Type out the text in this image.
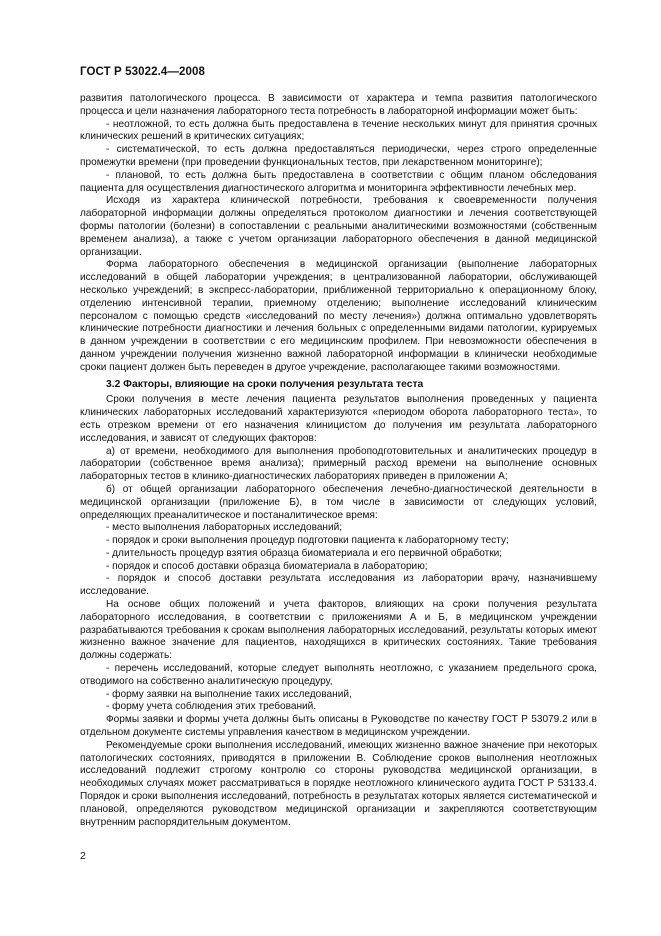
ГОСТ Р 53022.4—2008

развития патологического процесса. В зависимости от характера и темпа развития патологического процесса и цели назначения лабораторного теста потребность в лабораторной информации может быть:

- неотложной, то есть должна быть предоставлена в течение нескольких минут для принятия срочных клинических решений в критических ситуациях;

- систематической, то есть должна предоставляться периодически, через строго определенные промежутки времени (при проведении функциональных тестов, при лекарственном мониторинге);

- плановой, то есть должна быть предоставлена в соответствии с общим планом обследования пациента для осуществления диагностического алгоритма и мониторинга эффективности лечебных мер.

Исходя из характера клинической потребности, требования к своевременности получения лабораторной информации должны определяться протоколом диагностики и лечения соответствующей формы патологии (болезни) в сопоставлении с реальными аналитическими возможностями (собственным временем анализа), а также с учетом организации лабораторного обеспечения в данной медицинской организации.

Форма лабораторного обеспечения в медицинской организации (выполнение лабораторных исследований в общей лаборатории учреждения; в централизованной лаборатории, обслуживающей несколько учреждений; в экспресс-лаборатории, приближенной территориально к операционному блоку, отделению интенсивной терапии, приемному отделению; выполнение исследований клиническим персоналом с помощью средств «исследований по месту лечения») должна оптимально удовлетворять клинические потребности диагностики и лечения больных с определенными видами патологии, курируемых в данном учреждении в соответствии с его медицинским профилем. При невозможности обеспечения в данном учреждении получения жизненно важной лабораторной информации в клинически необходимые сроки пациент должен быть переведен в другое учреждение, располагающее такими возможностями.

3.2 Факторы, влияющие на сроки получения результата теста

Сроки получения в месте лечения пациента результатов выполнения проведенных у пациента клинических лабораторных исследований характеризуются «периодом оборота лабораторного теста», то есть отрезком времени от его назначения клиницистом до получения им результата лабораторного исследования, и зависят от следующих факторов:

а) от времени, необходимого для выполнения пробоподготовительных и аналитических процедур в лаборатории (собственное время анализа); примерный расход времени на выполнение основных лабораторных тестов в клинико-диагностических лабораториях приведен в приложении А;

б) от общей организации лабораторного обеспечения лечебно-диагностической деятельности в медицинской организации (приложение Б), в том числе в зависимости от следующих условий, определяющих преаналитическое и постаналитическое время:

- место выполнения лабораторных исследований;

- порядок и сроки выполнения процедур подготовки пациента к лабораторному тесту;

- длительность процедур взятия образца биоматериала и его первичной обработки;

- порядок и способ доставки образца биоматериала в лабораторию;

- порядок и способ доставки результата исследования из лаборатории врачу, назначившему исследование.

На основе общих положений и учета факторов, влияющих на сроки получения результата лабораторного исследования, в соответствии с приложениями А и Б, в медицинском учреждении разрабатываются требования к срокам выполнения лабораторных исследований, результаты которых имеют жизненно важное значение для пациентов, находящихся в критических состояниях. Такие требования должны содержать:

- перечень исследований, которые следует выполнять неотложно, с указанием предельного срока, отводимого на собственно аналитическую процедуру,

- форму заявки на выполнение таких исследований,

- форму учета соблюдения этих требований.

Формы заявки и формы учета должны быть описаны в Руководстве по качеству ГОСТ Р 53079.2 или в отдельном документе системы управления качеством в медицинском учреждении.

Рекомендуемые сроки выполнения исследований, имеющих жизненно важное значение при некоторых патологических состояниях, приводятся в приложении В. Соблюдение сроков выполнения неотложных исследований подлежит строгому контролю со стороны руководства медицинской организации, в необходимых случаях может рассматриваться в порядке неотложного клинического аудита ГОСТ Р 53133.4. Порядок и сроки выполнения исследований, потребность в результатах которых является систематической и плановой, определяются руководством медицинской организации и закрепляются соответствующим внутренним распорядительным документом.

2
